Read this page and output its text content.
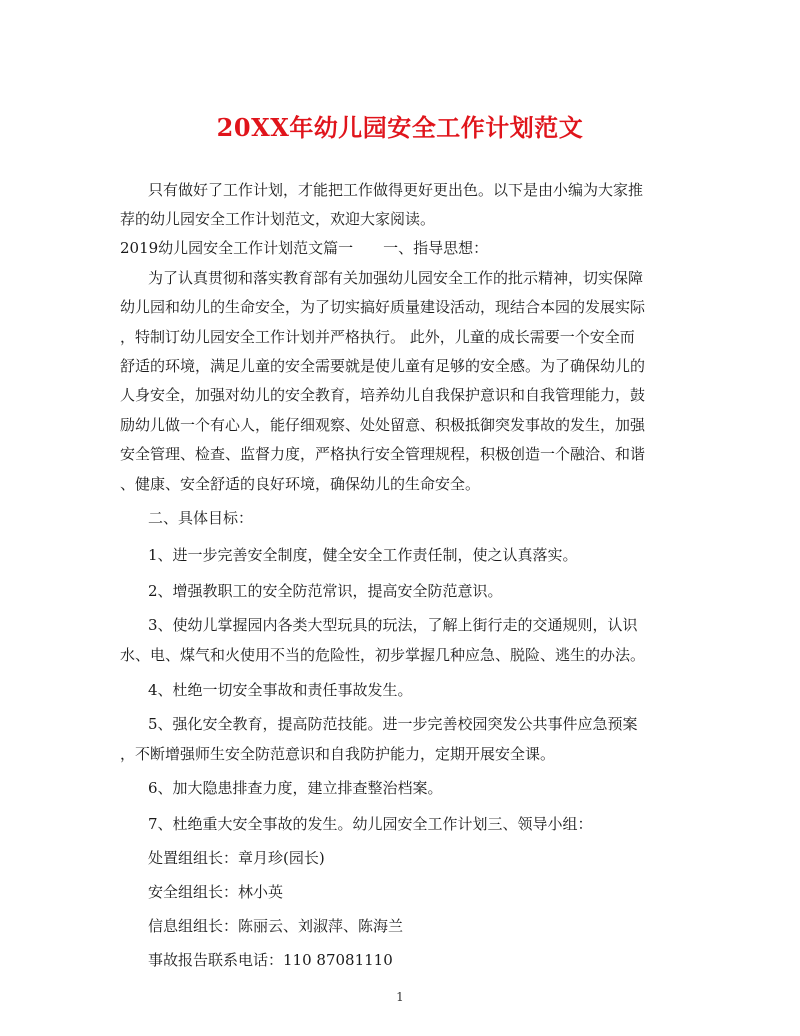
20XX年幼儿园安全工作计划范文
只有做好了工作计划，才能把工作做得更好更出色。以下是由小编为大家推
荐的幼儿园安全工作计划范文，欢迎大家阅读。
2019幼儿园安全工作计划范文篇一　　一、指导思想：
为了认真贯彻和落实教育部有关加强幼儿园安全工作的批示精神，切实保障
幼儿园和幼儿的生命安全，为了切实搞好质量建设活动，现结合本园的发展实际
，特制订幼儿园安全工作计划并严格执行。 此外，儿童的成长需要一个安全而
舒适的环境，满足儿童的安全需要就是使儿童有足够的安全感。为了确保幼儿的
人身安全，加强对幼儿的安全教育，培养幼儿自我保护意识和自我管理能力，鼓
励幼儿做一个有心人，能仔细观察、处处留意、积极抵御突发事故的发生，加强
安全管理、检查、监督力度，严格执行安全管理规程，积极创造一个融洽、和谐
、健康、安全舒适的良好环境，确保幼儿的生命安全。
二、具体目标：
1、进一步完善安全制度，健全安全工作责任制，使之认真落实。
2、增强教职工的安全防范常识，提高安全防范意识。
3、使幼儿掌握园内各类大型玩具的玩法，了解上街行走的交通规则，认识
水、电、煤气和火使用不当的危险性，初步掌握几种应急、脱险、逃生的办法。
4、杜绝一切安全事故和责任事故发生。
5、强化安全教育，提高防范技能。进一步完善校园突发公共事件应急预案
，不断增强师生安全防范意识和自我防护能力，定期开展安全课。
6、加大隐患排查力度，建立排查整治档案。
7、杜绝重大安全事故的发生。幼儿园安全工作计划三、领导小组：
处置组组长：章月珍(园长)
安全组组长：林小英
信息组组长：陈丽云、刘淑萍、陈海兰
事故报告联系电话：110 87081110
1
